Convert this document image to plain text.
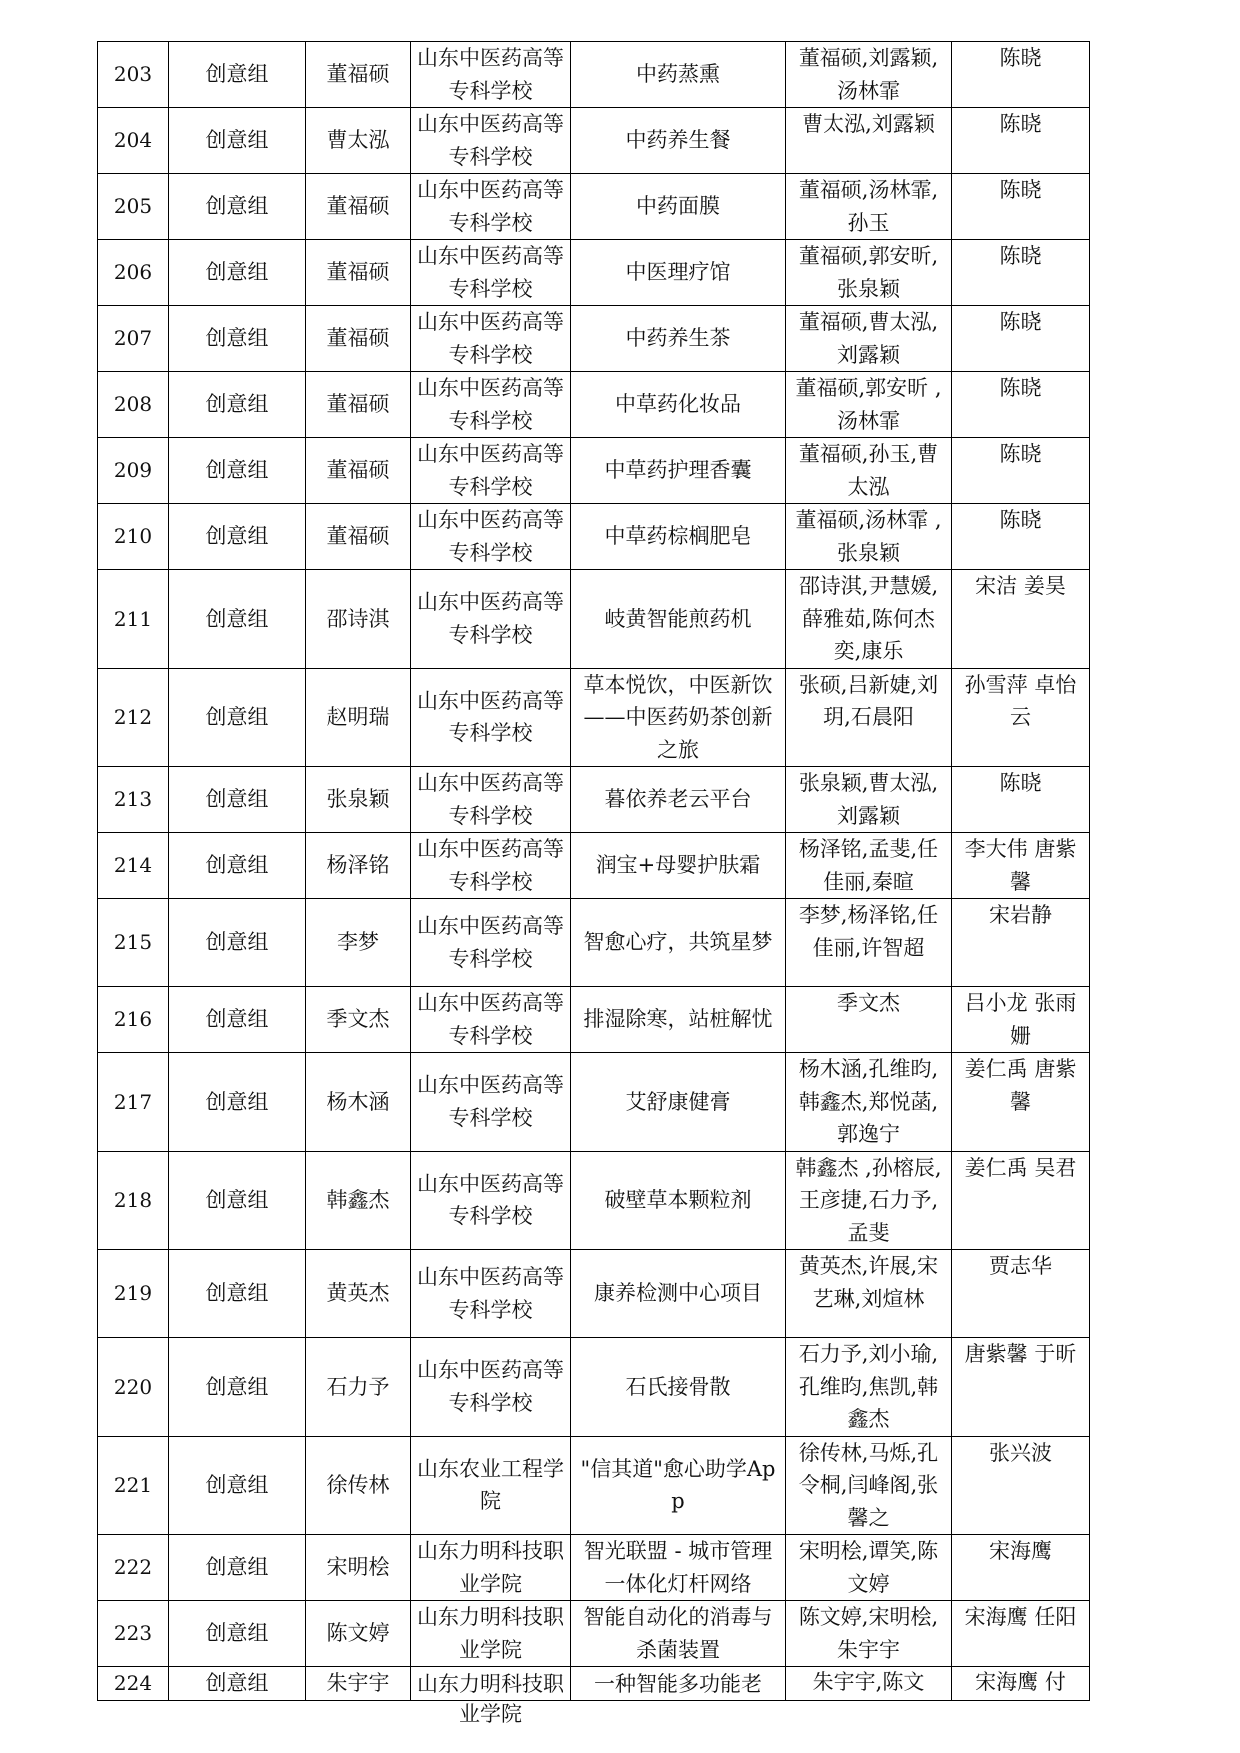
203	创意组	董福硕	山东中医药高等专科学校	中药蒸熏	董福硕,刘露颖,汤林霏	陈晓
204	创意组	曹太泓	山东中医药高等专科学校	中药养生餐	曹太泓,刘露颖	陈晓
205	创意组	董福硕	山东中医药高等专科学校	中药面膜	董福硕,汤林霏,孙玉	陈晓
206	创意组	董福硕	山东中医药高等专科学校	中医理疗馆	董福硕,郭安昕,张泉颖	陈晓
207	创意组	董福硕	山东中医药高等专科学校	中药养生茶	董福硕,曹太泓,刘露颖	陈晓
208	创意组	董福硕	山东中医药高等专科学校	中草药化妆品	董福硕,郭安昕 ,汤林霏	陈晓
209	创意组	董福硕	山东中医药高等专科学校	中草药护理香囊	董福硕,孙玉,曹太泓	陈晓
210	创意组	董福硕	山东中医药高等专科学校	中草药棕榈肥皂	董福硕,汤林霏 ,张泉颖	陈晓
211	创意组	邵诗淇	山东中医药高等专科学校	岐黄智能煎药机	邵诗淇,尹慧媛,薛雅茹,陈何杰奕,康乐	宋洁 姜昊
212	创意组	赵明瑞	山东中医药高等专科学校	草本悦饮，中医新饮——中医药奶茶创新之旅	张硕,吕新婕,刘玥,石晨阳	孙雪萍 卓怡云
213	创意组	张泉颖	山东中医药高等专科学校	暮依养老云平台	张泉颖,曹太泓,刘露颖	陈晓
214	创意组	杨泽铭	山东中医药高等专科学校	润宝+母婴护肤霜	杨泽铭,孟斐,任佳丽,秦暄	李大伟 唐紫馨
215	创意组	李梦	山东中医药高等专科学校	智愈心疗，共筑星梦	李梦,杨泽铭,任佳丽,许智超	宋岩静
216	创意组	季文杰	山东中医药高等专科学校	排湿除寒，站桩解忧	季文杰	吕小龙 张雨姗
217	创意组	杨木涵	山东中医药高等专科学校	艾舒康健膏	杨木涵,孔维昀,韩鑫杰,郑悦菡,郭逸宁	姜仁禹 唐紫馨
218	创意组	韩鑫杰	山东中医药高等专科学校	破壁草本颗粒剂	韩鑫杰 ,孙榕辰,王彦捷,石力予,孟斐	姜仁禹 吴君
219	创意组	黄英杰	山东中医药高等专科学校	康养检测中心项目	黄英杰,许展,宋艺琳,刘煊林	贾志华
220	创意组	石力予	山东中医药高等专科学校	石氏接骨散	石力予,刘小瑜,孔维昀,焦凯,韩鑫杰	唐紫馨 于昕
221	创意组	徐传林	山东农业工程学院	"信其道"愈心助学App	徐传林,马烁,孔令桐,闫峰阁,张馨之	张兴波
222	创意组	宋明桧	山东力明科技职业学院	智光联盟 - 城市管理一体化灯杆网络	宋明桧,谭笑,陈文婷	宋海鹰
223	创意组	陈文婷	山东力明科技职业学院	智能自动化的消毒与杀菌装置	陈文婷,宋明桧,朱宇宇	宋海鹰 任阳
224	创意组	朱宇宇	山东力明科技职业学院	一种智能多功能老	朱宇宇,陈文	宋海鹰 付
